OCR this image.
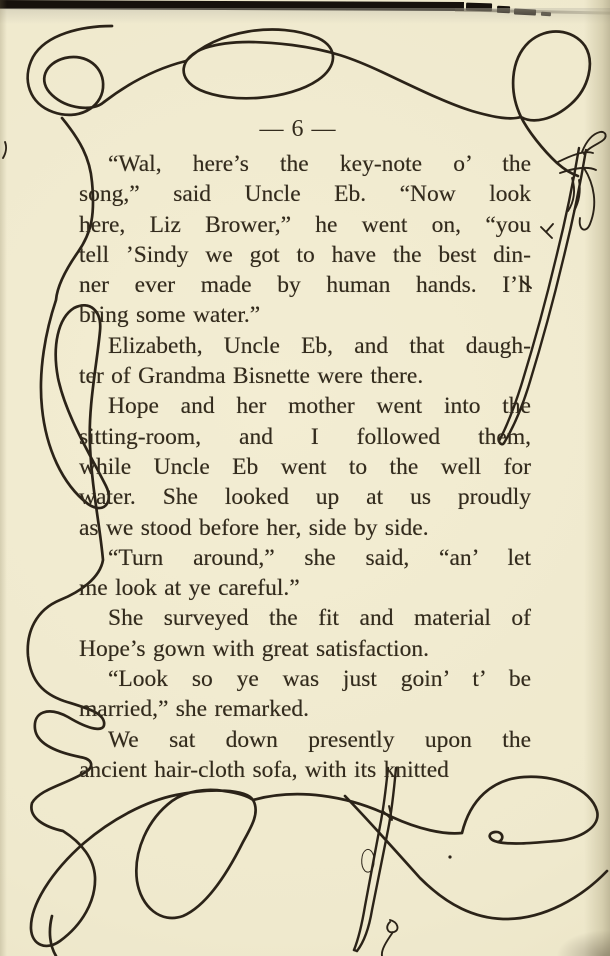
— 6 —
“Wal, here’s the key-note o’ the
song,” said Uncle Eb. “Now look
here, Liz Brower,” he went on, “you
tell ’Sindy we got to have the best din-
ner ever made by human hands. I’ll
bring some water.”
Elizabeth, Uncle Eb, and that daugh-
ter of Grandma Bisnette were there.
Hope and her mother went into the
sitting-room, and I followed them,
while Uncle Eb went to the well for
water. She looked up at us proudly
as we stood before her, side by side.
“Turn around,” she said, “an’ let
me look at ye careful.”
She surveyed the fit and material of
Hope’s gown with great satisfaction.
“Look so ye was just goin’ t’ be
married,” she remarked.
We sat down presently upon the
ancient hair-cloth sofa, with its knitted
